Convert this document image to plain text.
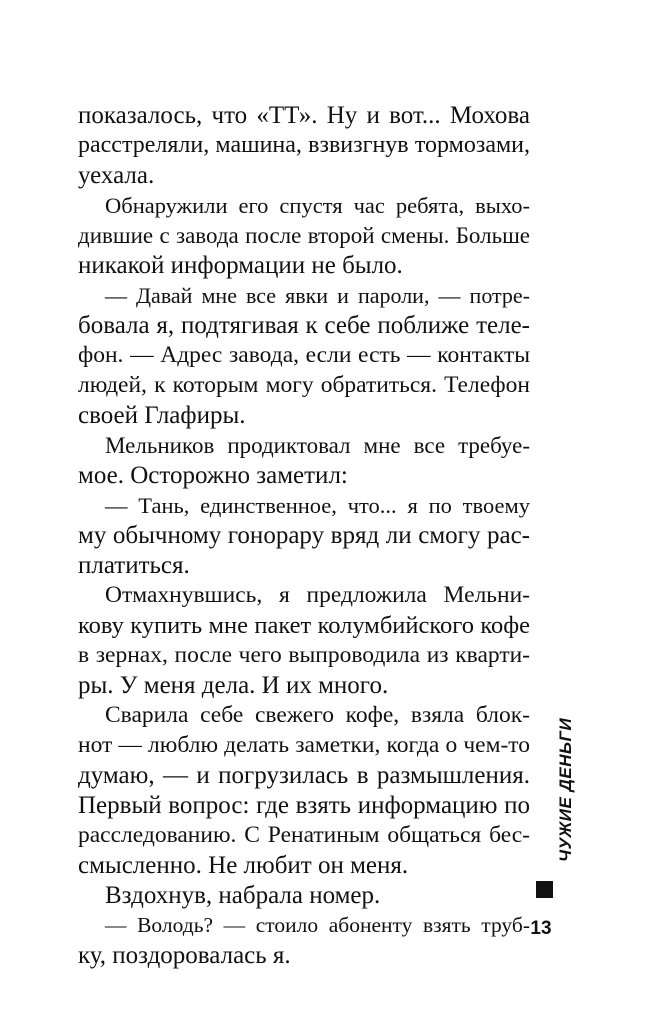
показалось, что «ТТ». Ну и вот... Мохова
расстреляли, машина, взвизгнув тормозами,
уехала.
Обнаружили его спустя час ребята, выхо-
дившие с завода после второй смены. Больше
никакой информации не было.
— Давай мне все явки и пароли, — потре-
бовала я, подтягивая к себе поближе теле-
фон. — Адрес завода, если есть — контакты
людей, к которым могу обратиться. Телефон
своей Глафиры.
Мельников продиктовал мне все требуе-
мое. Осторожно заметил:
— Тань, единственное, что... я по твоему
му обычному гонорару вряд ли смогу рас-
платиться.
Отмахнувшись, я предложила Мельни-
кову купить мне пакет колумбийского кофе
в зернах, после чего выпроводила из кварти-
ры. У меня дела. И их много.
Сварила себе свежего кофе, взяла блок-
нот — люблю делать заметки, когда о чем-то
думаю, — и погрузилась в размышления.
Первый вопрос: где взять информацию по
расследованию. С Ренатиным общаться бес-
смысленно. Не любит он меня.
Вздохнув, набрала номер.
— Володь? — стоило абоненту взять труб-
ку, поздоровалась я.
ЧУЖИЕ ДЕНЬГИ
13
